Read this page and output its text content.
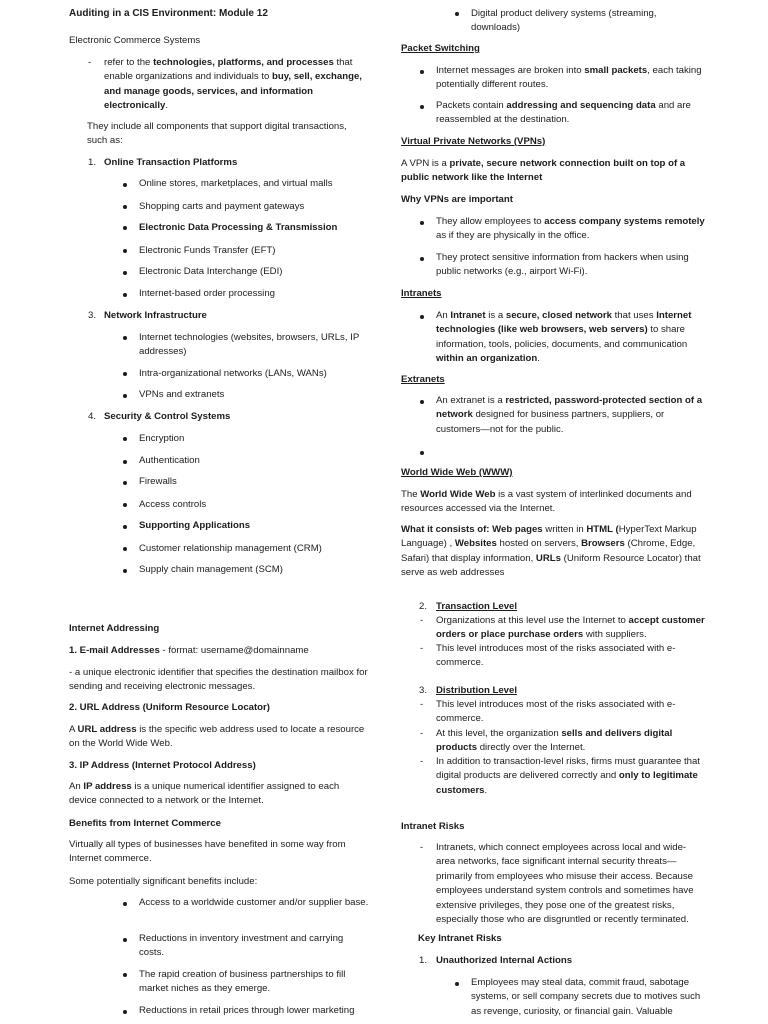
Auditing in a CIS Environment: Module 12
Electronic Commerce Systems
- refer to the technologies, platforms, and processes that enable organizations and individuals to buy, sell, exchange, and manage goods, services, and information electronically.

They include all components that support digital transactions, such as:

1. Online Transaction Platforms
Online stores, marketplaces, and virtual malls
Shopping carts and payment gateways
Electronic Data Processing & Transmission
Electronic Funds Transfer (EFT)
Electronic Data Interchange (EDI)
Internet-based order processing
3. Network Infrastructure
Internet technologies (websites, browsers, URLs, IP addresses)
Intra-organizational networks (LANs, WANs)
VPNs and extranets
4. Security & Control Systems
Encryption
Authentication
Firewalls
Access controls
Supporting Applications
Customer relationship management (CRM)
Supply chain management (SCM)
Internet Addressing

1. E-mail Addresses - format: username@domainname

- a unique electronic identifier that specifies the destination mailbox for sending and receiving electronic messages.

2. URL Address (Uniform Resource Locator)

A URL address is the specific web address used to locate a resource on the World Wide Web.

3. IP Address (Internet Protocol Address)

An IP address is a unique numerical identifier assigned to each device connected to a network or the Internet.

Benefits from Internet Commerce

Virtually all types of businesses have benefited in some way from Internet commerce.

Some potentially significant benefits include:

Access to a worldwide customer and/or supplier base.
Reductions in inventory investment and carrying costs.
The rapid creation of business partnerships to fill market niches as they emerge.
Reductions in retail prices through lower marketing
Digital product delivery systems (streaming, downloads)
Packet Switching

Internet messages are broken into small packets, each taking potentially different routes.

Packets contain addressing and sequencing data and are reassembled at the destination.

Virtual Private Networks (VPNs)

A VPN is a private, secure network connection built on top of a public network like the Internet

Why VPNs are important

They allow employees to access company systems remotely as if they are physically in the office.

They protect sensitive information from hackers when using public networks (e.g., airport Wi-Fi).

Intranets

An Intranet is a secure, closed network that uses Internet technologies (like web browsers, web servers) to share information, tools, policies, documents, and communication within an organization.

Extranets

An extranet is a restricted, password-protected section of a network designed for business partners, suppliers, or customers—not for the public.

World Wide Web (WWW)

The World Wide Web is a vast system of interlinked documents and resources accessed via the Internet.

What it consists of: Web pages written in HTML (HyperText Markup Language) , Websites hosted on servers, Browsers (Chrome, Edge, Safari) that display information, URLs (Uniform Resource Locator) that serve as web addresses

2. Transaction Level
- Organizations at this level use the Internet to accept customer orders or place purchase orders with suppliers.

- This level introduces most of the risks associated with e-commerce.

3. Distribution Level
- This level introduces most of the risks associated with e-commerce.

- At this level, the organization sells and delivers digital products directly over the Internet.

- In addition to transaction-level risks, firms must guarantee that digital products are delivered correctly and only to legitimate customers.

Intranet Risks
- Intranets, which connect employees across local and wide-area networks, face significant internal security threats—primarily from employees who misuse their access. Because employees understand system controls and sometimes have extensive privileges, they pose one of the greatest risks, especially those who are disgruntled or recently terminated.

Key Intranet Risks
1. Unauthorized Internal Actions

Employees may steal data, commit fraud, sabotage systems, or sell company secrets due to motives such as revenge, curiosity, or financial gain. Valuable
